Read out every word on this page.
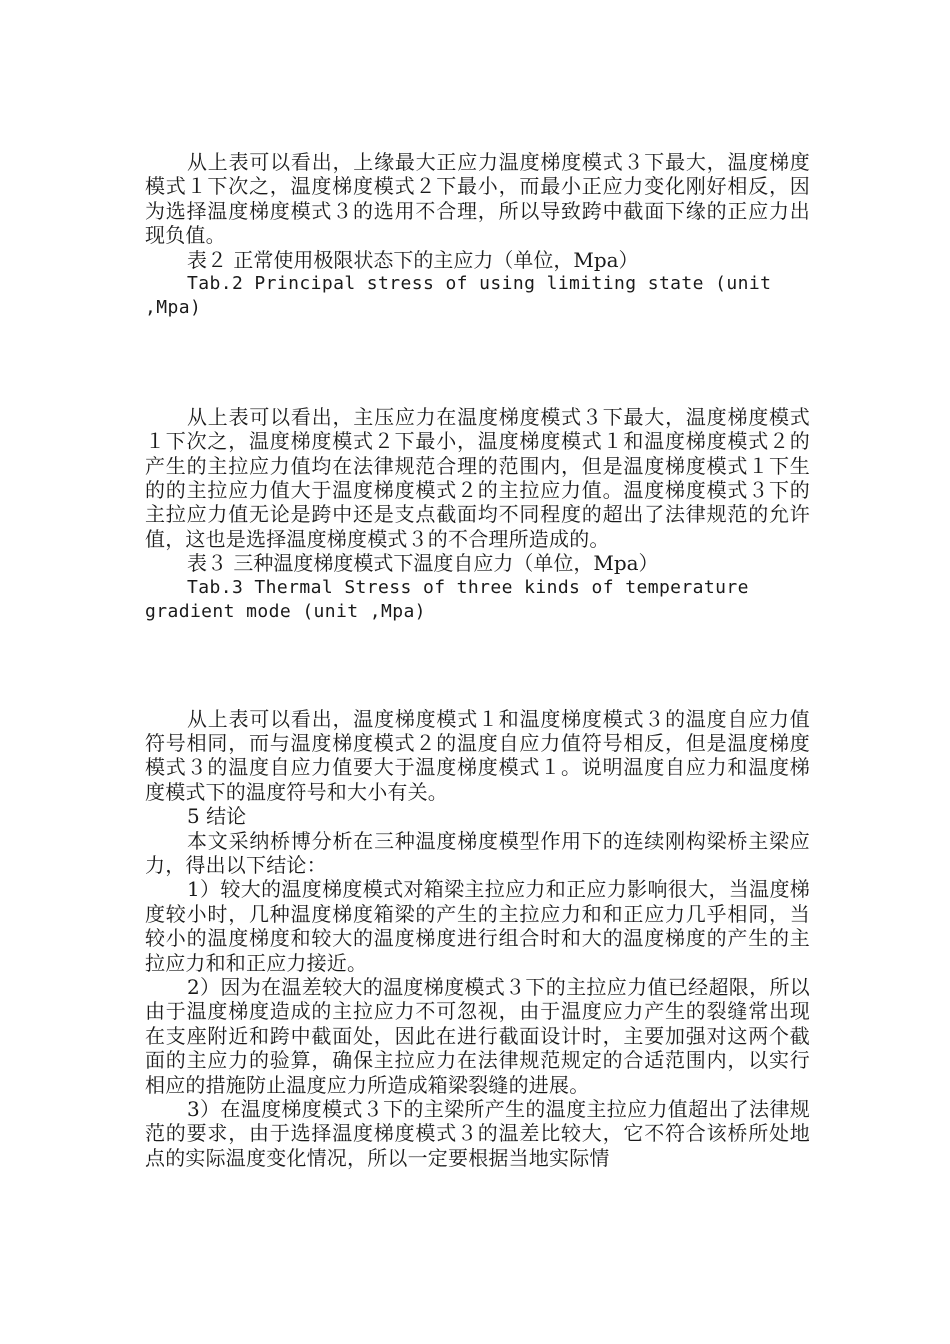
从上表可以看出，上缘最大正应力温度梯度模式３下最大，温度梯度模式１下次之，温度梯度模式２下最小，而最小正应力变化刚好相反，因为选择温度梯度模式３的选用不合理，所以导致跨中截面下缘的正应力出现负值。

表２ 正常使用极限状态下的主应力（单位，Mpa）

Tab.2 Principal stress of using limiting state (unit ,Mpa)

从上表可以看出，主压应力在温度梯度模式３下最大，温度梯度模式１下次之，温度梯度模式２下最小，温度梯度模式１和温度梯度模式２的产生的主拉应力值均在法律规范合理的范围内，但是温度梯度模式１下生的的主拉应力值大于温度梯度模式２的主拉应力值。温度梯度模式３下的主拉应力值无论是跨中还是支点截面均不同程度的超出了法律规范的允许值，这也是选择温度梯度模式３的不合理所造成的。

表３ 三种温度梯度模式下温度自应力（单位，Mpa）

Tab.3 Thermal Stress of three kinds of temperature gradient mode (unit ,Mpa)

从上表可以看出，温度梯度模式１和温度梯度模式３的温度自应力值符号相同，而与温度梯度模式２的温度自应力值符号相反，但是温度梯度模式３的温度自应力值要大于温度梯度模式１。说明温度自应力和温度梯度模式下的温度符号和大小有关。

5 结论

本文采纳桥博分析在三种温度梯度模型作用下的连续刚构梁桥主梁应力，得出以下结论：

1）较大的温度梯度模式对箱梁主拉应力和正应力影响很大，当温度梯度较小时，几种温度梯度箱梁的产生的主拉应力和和正应力几乎相同，当较小的温度梯度和较大的温度梯度进行组合时和大的温度梯度的产生的主拉应力和和正应力接近。

2）因为在温差较大的温度梯度模式３下的主拉应力值已经超限，所以由于温度梯度造成的主拉应力不可忽视，由于温度应力产生的裂缝常出现在支座附近和跨中截面处，因此在进行截面设计时，主要加强对这两个截面的主应力的验算，确保主拉应力在法律规范规定的合适范围内，以实行相应的措施防止温度应力所造成箱梁裂缝的进展。

3）在温度梯度模式３下的主梁所产生的温度主拉应力值超出了法律规范的要求，由于选择温度梯度模式３的温差比较大，它不符合该桥所处地点的实际温度变化情况，所以一定要根据当地实际情
